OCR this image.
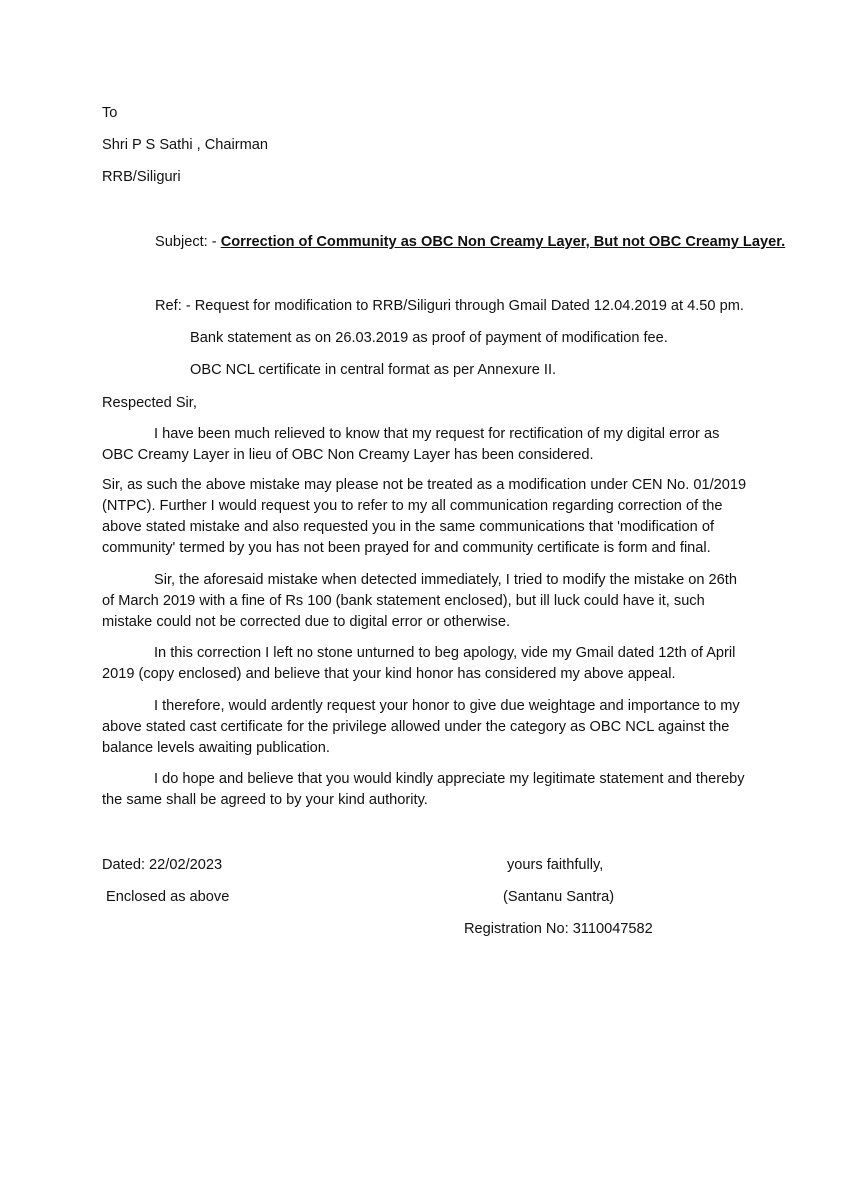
To
Shri P S Sathi , Chairman
RRB/Siliguri
Subject: - Correction of Community as OBC Non Creamy Layer, But not OBC Creamy Layer.
Ref: - Request for modification to RRB/Siliguri through Gmail Dated 12.04.2019 at 4.50 pm.
Bank statement as on 26.03.2019 as proof of payment of modification fee.
OBC NCL certificate in central format as per Annexure II.
Respected Sir,
I have been much relieved to know that my request for rectification of my digital error as
OBC Creamy Layer in lieu of OBC Non Creamy Layer has been considered.
Sir, as such the above mistake may please not be treated as a modification under CEN No. 01/2019
(NTPC). Further I would request you to refer to my all communication regarding correction of the
above stated mistake and also requested you in the same communications that 'modification of
community' termed by you has not been prayed for and community certificate is form and final.
Sir, the aforesaid mistake when detected immediately, I tried to modify the mistake on 26th
of March 2019 with a fine of Rs 100 (bank statement enclosed), but ill luck could have it, such
mistake could not be corrected due to digital error or otherwise.
In this correction I left no stone unturned to beg apology, vide my Gmail dated 12th of April
2019 (copy enclosed) and believe that your kind honor has considered my above appeal.
I therefore, would ardently request your honor to give due weightage and importance to my
above stated cast certificate for the privilege allowed under the category as OBC NCL against the
balance levels awaiting publication.
I do hope and believe that you would kindly appreciate my legitimate statement and thereby
the same shall be agreed to by your kind authority.
Dated: 22/02/2023	yours faithfully,
Enclosed as above	(Santanu Santra)
Registration No: 3110047582
